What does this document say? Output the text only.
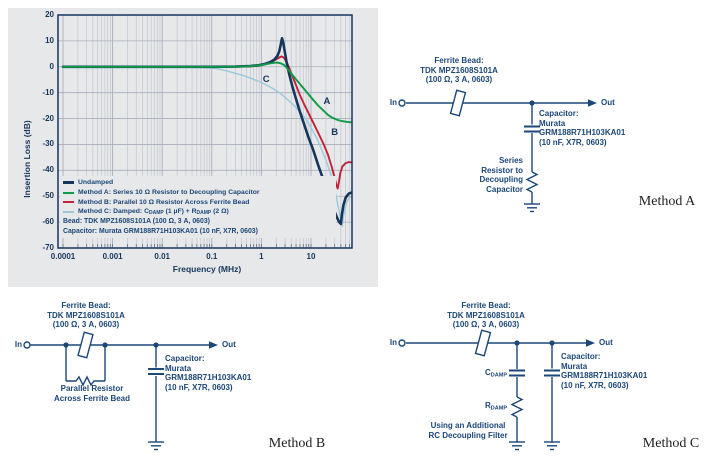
Insertion Loss (dB)
Frequency (MHz)
20
10
0
-10
-20
-30
-40
-50
-60
-70
0.0001	0.001	0.01	0.1	1	10
Undamped
Method A: Series 10 Ω Resistor to Decoupling Capacitor
Method B: Parallel 10 Ω Resistor Across Ferrite Bead
Method C: Damped: CDAMP (1 µF) + RDAMP (2 Ω)
Bead: TDK MPZ1608S101A (100 Ω, 3 A, 0603)
Capacitor: Murata GRM188R71H103KA01 (10 nF, X7R, 0603)
C
A
B
Ferrite Bead:
TDK MPZ1608S101A
(100 Ω, 3 A, 0603)
In	Out
Capacitor:
Murata
GRM188R71H103KA01
(10 nF, X7R, 0603)
Series
Resistor to
Decoupling
Capacitor
Method A
Ferrite Bead:
TDK MPZ1608S101A
(100 Ω, 3 A, 0603)
In	Out
Parallel Resistor
Across Ferrite Bead
Capacitor:
Murata
GRM188R71H103KA01
(10 nF, X7R, 0603)
Method B
Ferrite Bead:
TDK MPZ1608S101A
(100 Ω, 3 A, 0603)
In	Out
CDAMP
RDAMP
Using an Additional
RC Decoupling Filter
Capacitor:
Murata
GRM188R71H103KA01
(10 nF, X7R, 0603)
Method C
